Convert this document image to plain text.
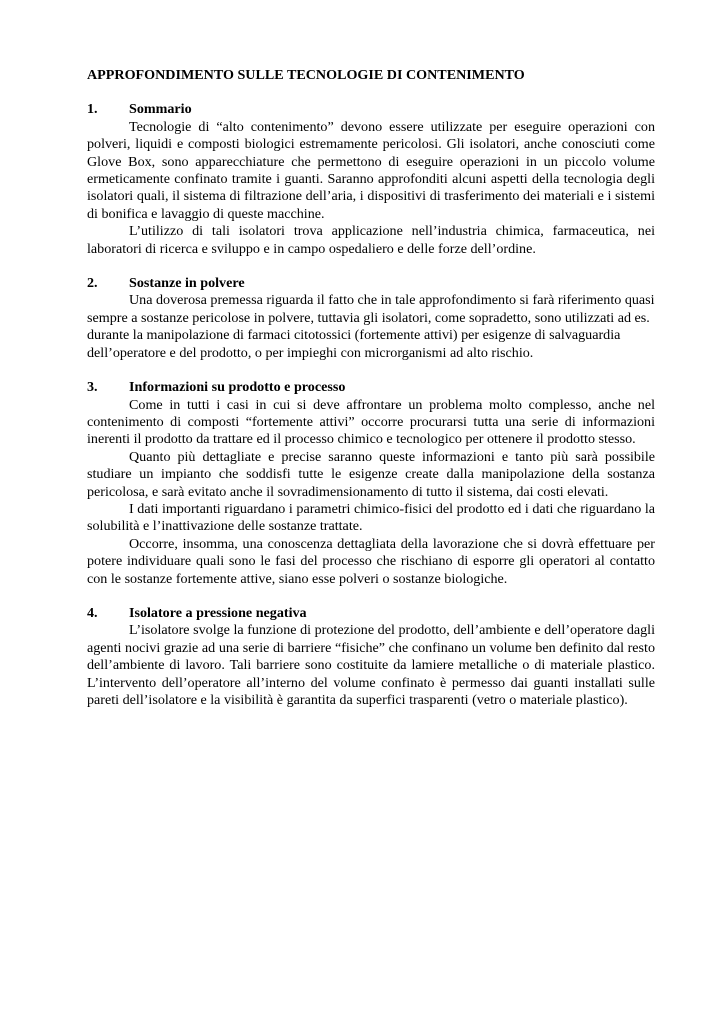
APPROFONDIMENTO SULLE TECNOLOGIE DI CONTENIMENTO
1. Sommario

Tecnologie di “alto contenimento” devono essere utilizzate per eseguire operazioni con polveri, liquidi e composti biologici estremamente pericolosi. Gli isolatori, anche conosciuti come Glove Box, sono apparecchiature che permettono di eseguire operazioni in un piccolo volume ermeticamente confinato tramite i guanti. Saranno approfonditi alcuni aspetti della tecnologia degli isolatori quali, il sistema di filtrazione dell’aria, i dispositivi di trasferimento dei materiali e i sistemi di bonifica e lavaggio di queste macchine.

L’utilizzo di tali isolatori trova applicazione nell’industria chimica, farmaceutica, nei laboratori di ricerca e sviluppo e in campo ospedaliero e delle forze dell’ordine.

2. Sostanze in polvere

Una doverosa premessa riguarda il fatto che in tale approfondimento si farà riferimento quasi sempre a sostanze pericolose in polvere, tuttavia gli isolatori, come sopradetto, sono utilizzati ad es. durante la manipolazione di farmaci citotossici (fortemente attivi) per esigenze di salvaguardia dell’operatore e del prodotto, o per impieghi con microrganismi ad alto rischio.

3. Informazioni su prodotto e processo

Come in tutti i casi in cui si deve affrontare un problema molto complesso, anche nel contenimento di composti “fortemente attivi” occorre procurarsi tutta una serie di informazioni inerenti il prodotto da trattare ed il processo chimico e tecnologico per ottenere il prodotto stesso.

Quanto più dettagliate e precise saranno queste informazioni e tanto più sarà possibile studiare un impianto che soddisfi tutte le esigenze create dalla manipolazione della sostanza pericolosa, e sarà evitato anche il sovradimensionamento di tutto il sistema, dai costi elevati.

I dati importanti riguardano i parametri chimico-fisici del prodotto ed i dati che riguardano la solubilità e l’inattivazione delle sostanze trattate.

Occorre, insomma, una conoscenza dettagliata della lavorazione che si dovrà effettuare per potere individuare quali sono le fasi del processo che rischiano di esporre gli operatori al contatto con le sostanze fortemente attive, siano esse polveri o sostanze biologiche.

4. Isolatore a pressione negativa

L’isolatore svolge la funzione di protezione del prodotto, dell’ambiente e dell’operatore dagli agenti nocivi grazie ad una serie di barriere “fisiche” che confinano un volume ben definito dal resto dell’ambiente di lavoro. Tali barriere sono costituite da lamiere metalliche o di materiale plastico. L’intervento dell’operatore all’interno del volume confinato è permesso dai guanti installati sulle pareti dell’isolatore e la visibilità è garantita da superfici trasparenti (vetro o materiale plastico).
